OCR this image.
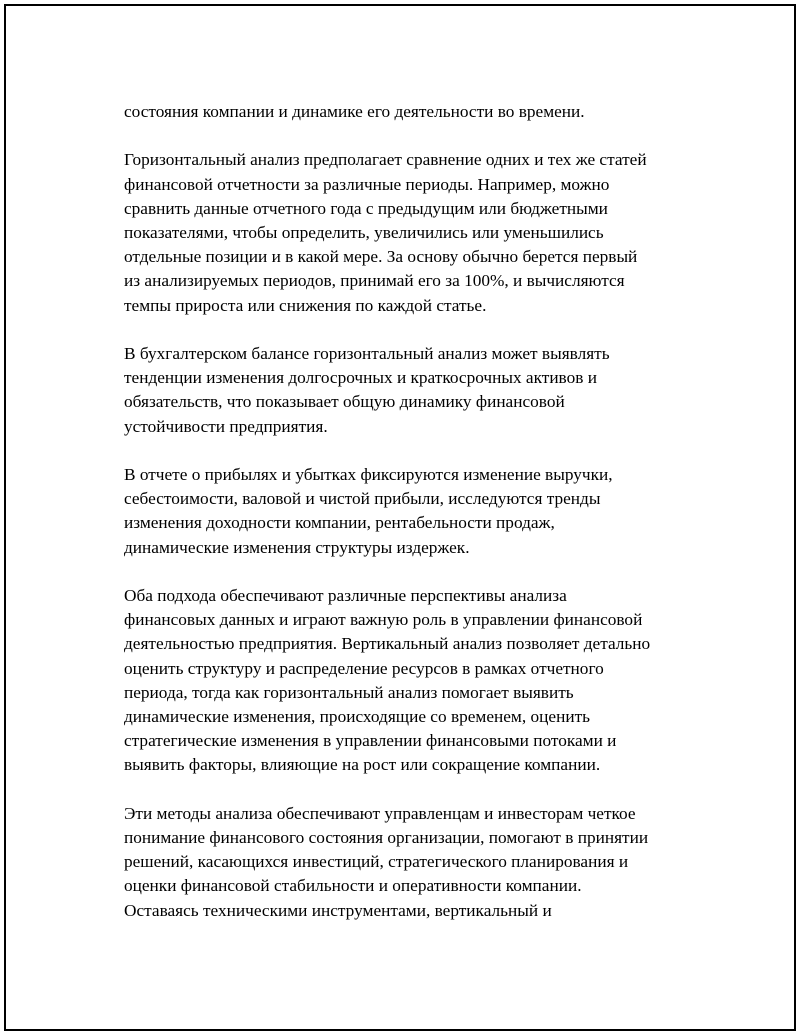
состояния компании и динамике его деятельности во времени.

Горизонтальный анализ предполагает сравнение одних и тех же статей
финансовой отчетности за различные периоды. Например, можно
сравнить данные отчетного года с предыдущим или бюджетными
показателями, чтобы определить, увеличились или уменьшились
отдельные позиции и в какой мере. За основу обычно берется первый
из анализируемых периодов, принимай его за 100%, и вычисляются
темпы прироста или снижения по каждой статье.

В бухгалтерском балансе горизонтальный анализ может выявлять
тенденции изменения долгосрочных и краткосрочных активов и
обязательств, что показывает общую динамику финансовой
устойчивости предприятия.

В отчете о прибылях и убытках фиксируются изменение выручки,
себестоимости, валовой и чистой прибыли, исследуются тренды
изменения доходности компании, рентабельности продаж,
динамические изменения структуры издержек.

Оба подхода обеспечивают различные перспективы анализа
финансовых данных и играют важную роль в управлении финансовой
деятельностью предприятия. Вертикальный анализ позволяет детально
оценить структуру и распределение ресурсов в рамках отчетного
периода, тогда как горизонтальный анализ помогает выявить
динамические изменения, происходящие со временем, оценить
стратегические изменения в управлении финансовыми потоками и
выявить факторы, влияющие на рост или сокращение компании.

Эти методы анализа обеспечивают управленцам и инвесторам четкое
понимание финансового состояния организации, помогают в принятии
решений, касающихся инвестиций, стратегического планирования и
оценки финансовой стабильности и оперативности компании.
Оставаясь техническими инструментами, вертикальный и
